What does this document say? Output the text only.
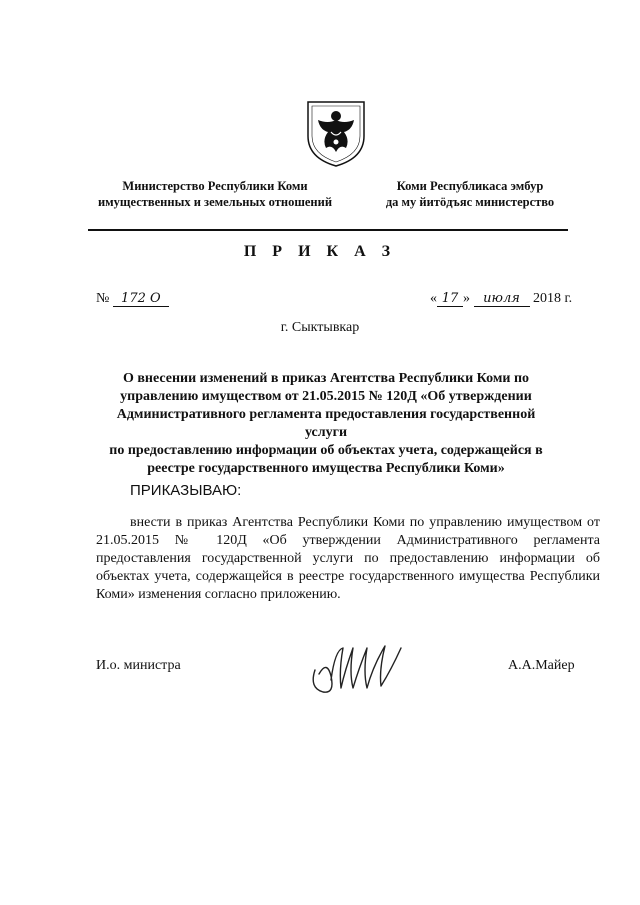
Министерство Республики Коми
имущественных и земельных отношений
Коми Республикаса эмбур
да му йитӧдъяс министерство
П Р И К А З
№ 172 О	« 17 » июля 2018 г.
г. Сыктывкар
О внесении изменений в приказ Агентства Республики Коми по
управлению имуществом от 21.05.2015 № 120Д «Об утверждении
Административного регламента предоставления государственной услуги
по предоставлению информации об объектах учета, содержащейся в
реестре государственного имущества Республики Коми»
ПРИКАЗЫВАЮ:
внести в приказ Агентства Республики Коми по управлению имуществом от 21.05.2015 № 120Д «Об утверждении Административного регламента предоставления государственной услуги по предоставлению информации об объектах учета, содержащейся в реестре государственного имущества Республики Коми» изменения согласно приложению.
И.о. министра	А.А.Майер
